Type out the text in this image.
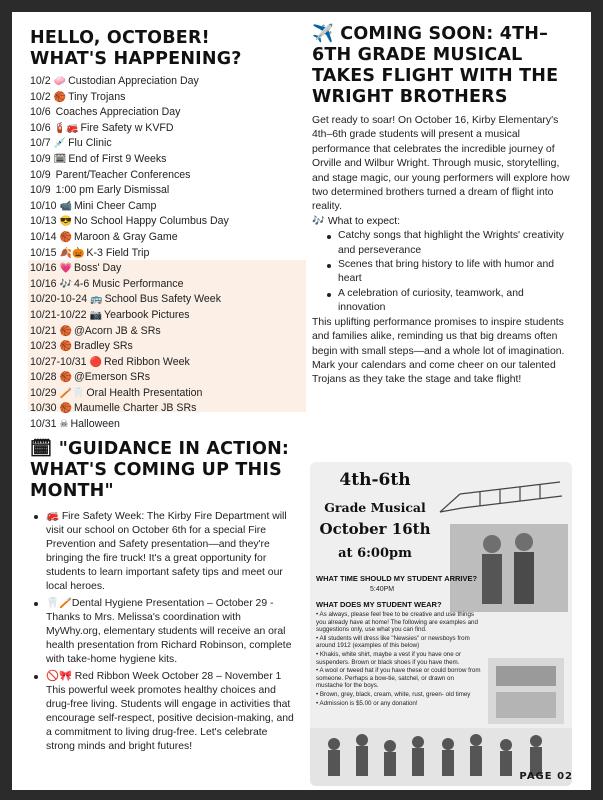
HELLO, OCTOBER!
WHAT'S HAPPENING?
10/2 🧼 Custodian Appreciation Day
10/2 🏀 Tiny Trojans
10/6 Coaches Appreciation Day
10/6 🧯🚒 Fire Safety w KVFD
10/7 💉 Flu Clinic
10/9 🗓 End of First 9 Weeks
10/9 Parent/Teacher Conferences
10/9 1:00 pm Early Dismissal
10/10 📹 Mini Cheer Camp
10/13 😎 No School Happy Columbus Day
10/14 🏀 Maroon & Gray Game
10/15 🍂🎃 K-3 Field Trip
10/16 💗 Boss' Day
10/16 🎶 4-6 Music Performance
10/20-10-24 🚌 School Bus Safety Week
10/21-10/22 📷 Yearbook Pictures
10/21 🏀 @Acorn JB & SRs
10/23 🏀 Bradley SRs
10/27-10/31 🔴 Red Ribbon Week
10/28 🏀 @Emerson SRs
10/29 🪥🦷 Oral Health Presentation
10/30 🏀 Maumelle Charter JB SRs
10/31 ☠ Halloween
🗓 "GUIDANCE IN ACTION: WHAT'S COMING UP THIS MONTH"
🚒 Fire Safety Week: The Kirby Fire Department will visit our school on October 6th for a special Fire Prevention and Safety presentation—and they're bringing the fire truck! It's a great opportunity for students to learn important safety tips and meet our local heroes.
🦷🪥Dental Hygiene Presentation – October 29 - Thanks to Mrs. Melissa's coordination with MyWhy.org, elementary students will receive an oral health presentation from Richard Robinson, complete with take-home hygiene kits.
🚫🎀 Red Ribbon Week October 28 – November 1 This powerful week promotes healthy choices and drug-free living. Students will engage in activities that encourage self-respect, positive decision-making, and a commitment to living drug-free. Let's celebrate strong minds and bright futures!
✈️ COMING SOON: 4TH–6TH GRADE MUSICAL TAKES FLIGHT WITH THE WRIGHT BROTHERS

Get ready to soar! On October 16, Kirby Elementary's 4th–6th grade students will present a musical performance that celebrates the incredible journey of Orville and Wilbur Wright. Through music, storytelling, and stage magic, our young performers will explore how two determined brothers turned a dream of flight into reality.

🎶 What to expect:

Catchy songs that highlight the Wrights' creativity and perseverance
Scenes that bring history to life with humor and heart
A celebration of curiosity, teamwork, and innovation

This uplifting performance promises to inspire students and families alike, reminding us that big dreams often begin with small steps—and a whole lot of imagination.

Mark your calendars and come cheer on our talented Trojans as they take the stage and take flight!

4th-6th
Grade Musical
October 16th
at 6:00pm
WHAT TIME SHOULD MY STUDENT ARRIVE?
5:40PM
WHAT DOES MY STUDENT WEAR?
• As always, please feel free to be creative and use things you already have at home! The following are examples and suggestions only, use what you can find.
• All students will dress like "Newsies" or newsboys from around 1912 (examples of this below)
• Khakis, white shirt, maybe a vest if you have one or suspenders. Brown or black shoes if you have them.
• A wool or tweed hat if you have these or could borrow from someone. Perhaps a bow-tie, satchel, or drawn on mustache for the boys.
• Brown, grey, black, cream, white, rust, green- old timey
• Admission is $5.00 or any donation!
PAGE 02
